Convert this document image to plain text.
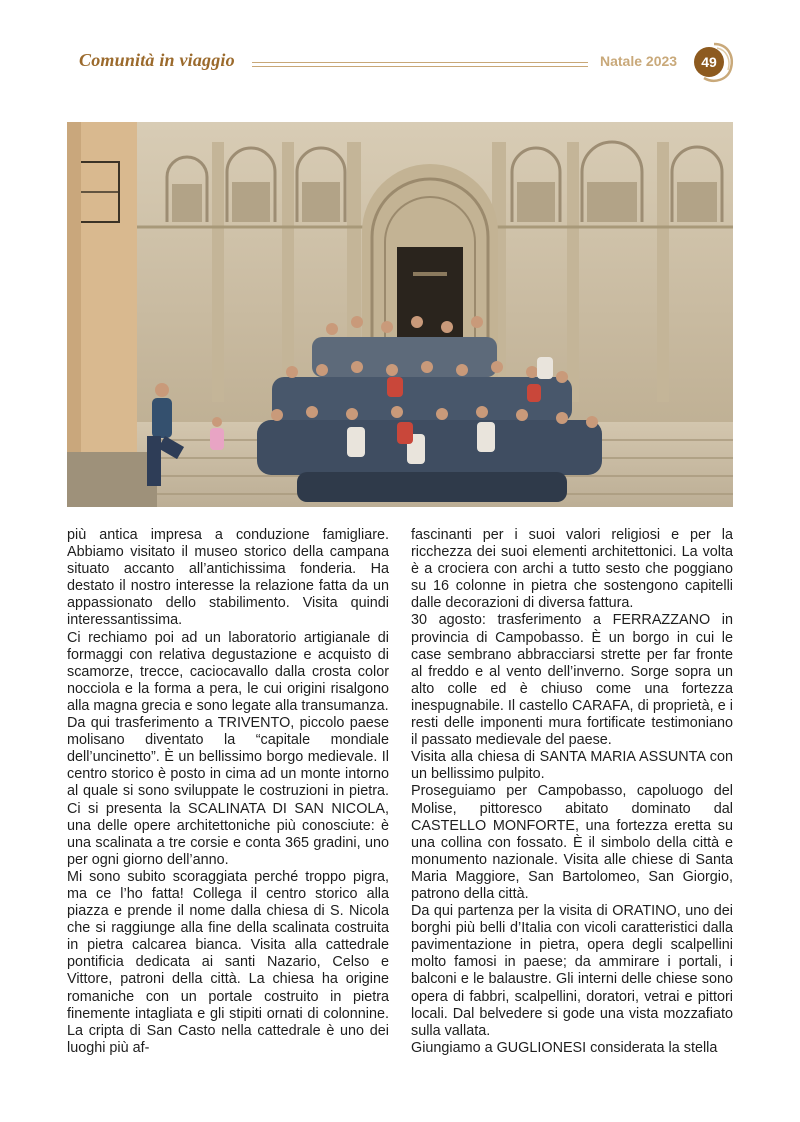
Comunità in viaggio	Natale 2023	49

più antica impresa a conduzione famigliare. Abbiamo visitato il museo storico della campana situato accanto all’antichissima fonderia. Ha destato il nostro interesse la relazione fatta da un appassionato dello stabilimento. Visita quindi interessantissima.

Ci rechiamo poi ad un laboratorio artigianale di formaggi con relativa degustazione e acquisto di scamorze, trecce, caciocavallo dalla crosta color nocciola e la forma a pera, le cui origini risalgono alla magna grecia e sono legate alla transumanza.

Da qui trasferimento a TRIVENTO, piccolo paese molisano diventato la “capitale mondiale dell’uncinetto”. È un bellissimo borgo medievale. Il centro storico è posto in cima ad un monte intorno al quale si sono sviluppate le costruzioni in pietra. Ci si presenta la SCALINATA DI SAN NICOLA, una delle opere architettoniche più conosciute: è una scalinata a tre corsie e conta 365 gradini, uno per ogni giorno dell’anno.

Mi sono subito scoraggiata perché troppo pigra, ma ce l’ho fatta! Collega il centro storico alla piazza e prende il nome dalla chiesa di S. Nicola che si raggiunge alla fine della scalinata costruita in pietra calcarea bianca. Visita alla cattedrale pontificia dedicata ai santi Nazario, Celso e Vittore, patroni della città. La chiesa ha origine romaniche con un portale costruito in pietra finemente intagliata e gli stipiti ornati di colonnine. La cripta di San Casto nella cattedrale è uno dei luoghi più af-

fascinanti per i suoi valori religiosi e per la ricchezza dei suoi elementi architettonici. La volta è a crociera con archi a tutto sesto che poggiano su 16 colonne in pietra che sostengono capitelli dalle decorazioni di diversa fattura.

30 agosto: trasferimento a FERRAZZANO in provincia di Campobasso. È un borgo in cui le case sembrano abbracciarsi strette per far fronte al freddo e al vento dell’inverno. Sorge sopra un alto colle ed è chiuso come una fortezza inespugnabile. Il castello CARAFA, di proprietà, e i resti delle imponenti mura fortificate testimoniano il passato medievale del paese.

Visita alla chiesa di SANTA MARIA ASSUNTA con un bellissimo pulpito.

Proseguiamo per Campobasso, capoluogo del Molise, pittoresco abitato dominato dal CASTELLO MONFORTE, una fortezza eretta su una collina con fossato. È il simbolo della città e monumento nazionale. Visita alle chiese di Santa Maria Maggiore, San Bartolomeo, San Giorgio, patrono della città.

Da qui partenza per la visita di ORATINO, uno dei borghi più belli d’Italia con vicoli caratteristici dalla pavimentazione in pietra, opera degli scalpellini molto famosi in paese; da ammirare i portali, i balconi e le balaustre. Gli interni delle chiese sono opera di fabbri, scalpellini, doratori, vetrai e pittori locali. Dal belvedere si gode una vista mozzafiato sulla vallata.

Giungiamo a GUGLIONESI considerata la stella
